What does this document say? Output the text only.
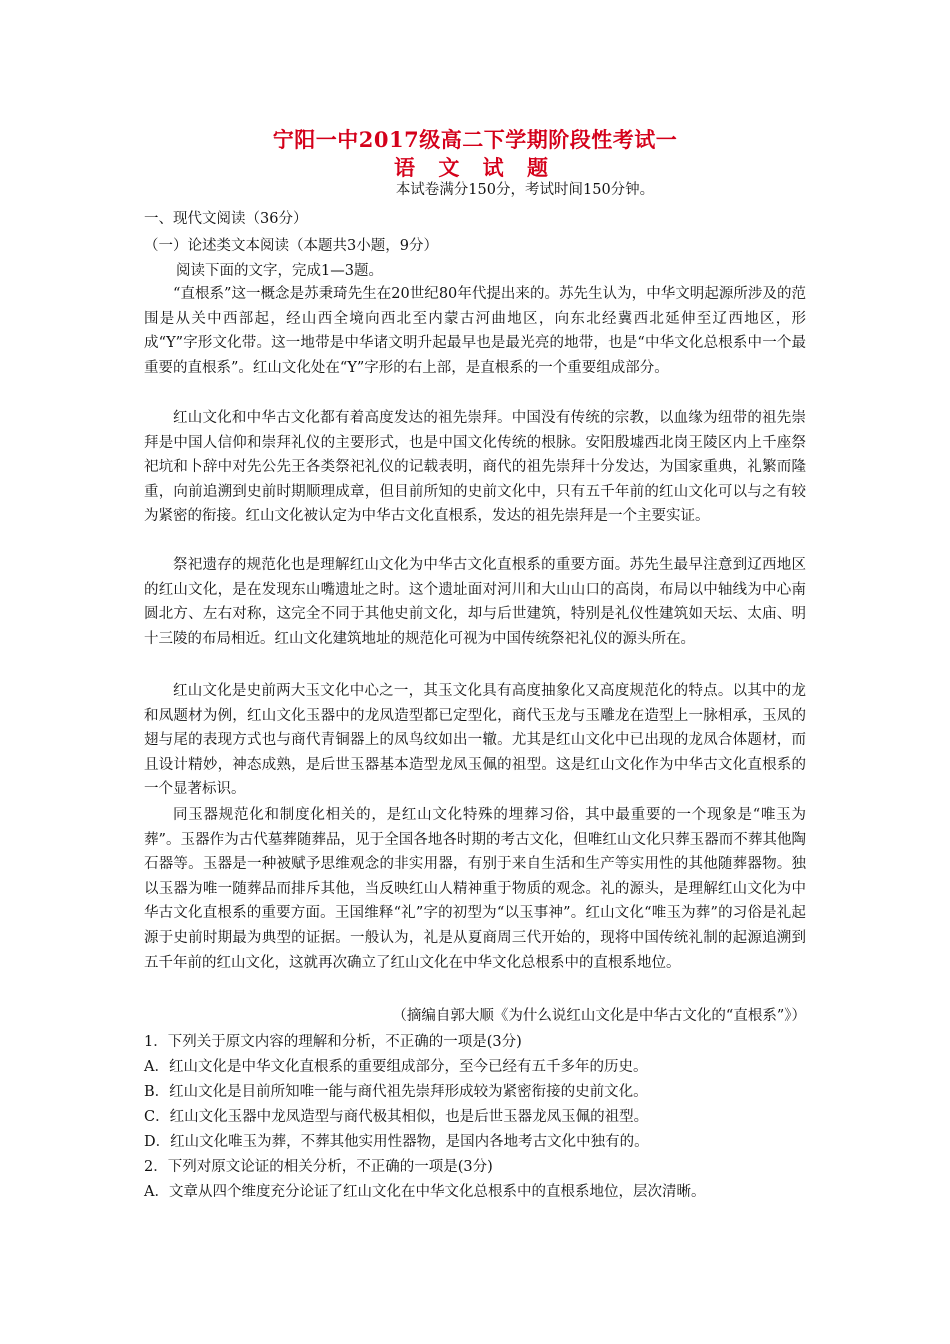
宁阳一中2017级高二下学期阶段性考试一
语 文 试 题
本试卷满分150分，考试时间150分钟。
一、现代文阅读（36分）
（一）论述类文本阅读（本题共3小题，9分）
阅读下面的文字，完成1—3题。
“直根系”这一概念是苏秉琦先生在20世纪80年代提出来的。苏先生认为，中华文明起源所涉及的范围是从关中西部起，经山西全境向西北至内蒙古河曲地区，向东北经冀西北延伸至辽西地区，形成“Y”字形文化带。这一地带是中华诸文明升起最早也是最光亮的地带，也是“中华文化总根系中一个最重要的直根系”。红山文化处在“Y”字形的右上部，是直根系的一个重要组成部分。
红山文化和中华古文化都有着高度发达的祖先崇拜。中国没有传统的宗教，以血缘为纽带的祖先崇拜是中国人信仰和崇拜礼仪的主要形式，也是中国文化传统的根脉。安阳殷墟西北岗王陵区内上千座祭祀坑和卜辞中对先公先王各类祭祀礼仪的记载表明，商代的祖先崇拜十分发达，为国家重典，礼繁而隆重，向前追溯到史前时期顺理成章，但目前所知的史前文化中，只有五千年前的红山文化可以与之有较为紧密的衔接。红山文化被认定为中华古文化直根系，发达的祖先崇拜是一个主要实证。
祭祀遗存的规范化也是理解红山文化为中华古文化直根系的重要方面。苏先生最早注意到辽西地区的红山文化，是在发现东山嘴遗址之时。这个遗址面对河川和大山山口的高岗，布局以中轴线为中心南圆北方、左右对称，这完全不同于其他史前文化，却与后世建筑，特别是礼仪性建筑如天坛、太庙、明十三陵的布局相近。红山文化建筑地址的规范化可视为中国传统祭祀礼仪的源头所在。
红山文化是史前两大玉文化中心之一，其玉文化具有高度抽象化又高度规范化的特点。以其中的龙和凤题材为例，红山文化玉器中的龙凤造型都已定型化，商代玉龙与玉雕龙在造型上一脉相承，玉凤的翅与尾的表现方式也与商代青铜器上的凤鸟纹如出一辙。尤其是红山文化中已出现的龙凤合体题材，而且设计精妙，神态成熟，是后世玉器基本造型龙凤玉佩的祖型。这是红山文化作为中华古文化直根系的一个显著标识。
同玉器规范化和制度化相关的，是红山文化特殊的埋葬习俗，其中最重要的一个现象是“唯玉为葬”。玉器作为古代墓葬随葬品，见于全国各地各时期的考古文化，但唯红山文化只葬玉器而不葬其他陶石器等。玉器是一种被赋予思维观念的非实用器，有别于来自生活和生产等实用性的其他随葬器物。独以玉器为唯一随葬品而排斥其他，当反映红山人精神重于物质的观念。礼的源头，是理解红山文化为中华古文化直根系的重要方面。王国维释“礼”字的初型为“以玉事神”。红山文化“唯玉为葬”的习俗是礼起源于史前时期最为典型的证据。一般认为，礼是从夏商周三代开始的，现将中国传统礼制的起源追溯到五千年前的红山文化，这就再次确立了红山文化在中华文化总根系中的直根系地位。
（摘编自郭大顺《为什么说红山文化是中华古文化的“直根系”》）
1．下列关于原文内容的理解和分析，不正确的一项是(3分)
A．红山文化是中华文化直根系的重要组成部分，至今已经有五千多年的历史。
B．红山文化是目前所知唯一能与商代祖先崇拜形成较为紧密衔接的史前文化。
C．红山文化玉器中龙凤造型与商代极其相似，也是后世玉器龙凤玉佩的祖型。
D．红山文化唯玉为葬，不葬其他实用性器物，是国内各地考古文化中独有的。
2．下列对原文论证的相关分析，不正确的一项是(3分)
A．文章从四个维度充分论证了红山文化在中华文化总根系中的直根系地位，层次清晰。
